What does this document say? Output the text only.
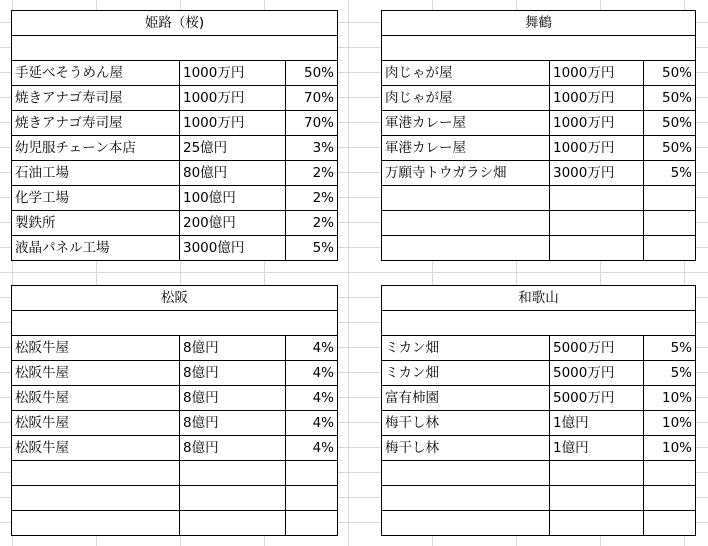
姫路（桜)		

手延べそうめん屋	1000万円	50%
焼きアナゴ寿司屋	1000万円	70%
焼きアナゴ寿司屋	1000万円	70%
幼児服チェーン本店	25億円	3%
石油工場	80億円	2%
化学工場	100億円	2%
製鉄所	200億円	2%
液晶パネル工場	3000億円	5%
舞鶴		

肉じゃが屋	1000万円	50%
肉じゃが屋	1000万円	50%
軍港カレー屋	1000万円	50%
軍港カレー屋	1000万円	50%
万願寺トウガラシ畑	3000万円	5%

松阪		

松阪牛屋	8億円	4%
松阪牛屋	8億円	4%
松阪牛屋	8億円	4%
松阪牛屋	8億円	4%
松阪牛屋	8億円	4%

和歌山		

ミカン畑	5000万円	5%
ミカン畑	5000万円	5%
富有柿園	5000万円	10%
梅干し林	1億円	10%
梅干し林	1億円	10%
